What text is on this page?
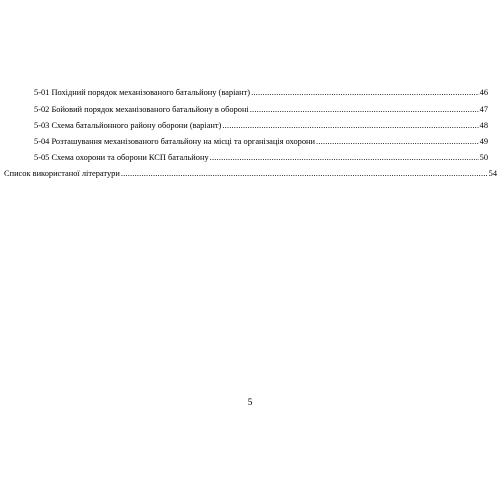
5-01 Похідний порядок механізованого батальйону (варіант) .....	46
5-02 Бойовий порядок механізованого батальйону в обороні .....	47
5-03 Схема батальйонного району оборони (варіант) .....	48
5-04 Розташування механізованого батальйону на місці та організація охорони .....	49
5-05 Схема охорони та оборони КСП батальйону .....	50
Список використаної літератури .....	54
5
